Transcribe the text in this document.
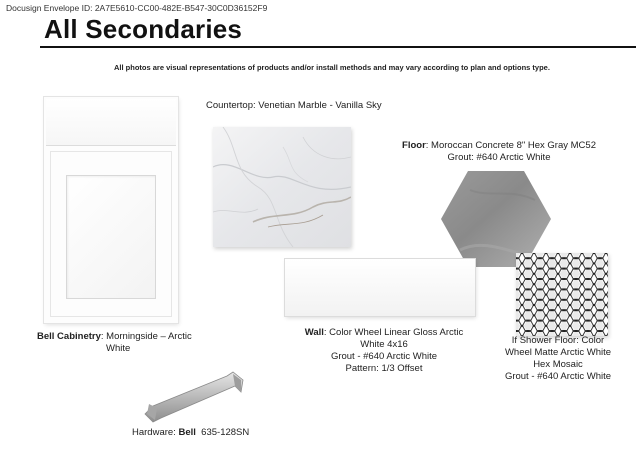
Docusign Envelope ID: 2A7E5610-CC00-482E-B547-30C0D36152F9
All Secondaries
All photos are visual representations of products and/or install methods and may vary according to plan and options type.
Countertop: Venetian Marble - Vanilla Sky
Floor: Moroccan Concrete 8" Hex Gray MC52
Grout: #640 Arctic White
Bell Cabinetry: Morningside – Arctic
White
Wall: Color Wheel Linear Gloss Arctic
White 4x16
Grout - #640 Arctic White
Pattern: 1/3 Offset
If Shower Floor: Color
Wheel Matte Arctic White
Hex Mosaic
Grout - #640 Arctic White
Hardware: Bell  635-128SN
